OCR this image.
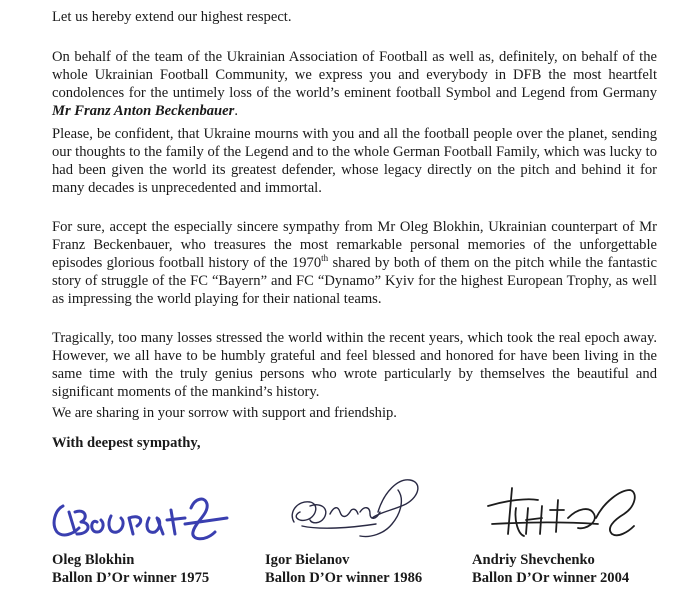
Let us hereby extend our highest respect.

On behalf of the team of the Ukrainian Association of Football as well as, definitely, on behalf of the whole Ukrainian Football Community, we express you and everybody in DFB the most heartfelt condolences for the untimely loss of the world’s eminent football Symbol and Legend from Germany Mr Franz Anton Beckenbauer.

Please, be confident, that Ukraine mourns with you and all the football people over the planet, sending our thoughts to the family of the Legend and to the whole German Football Family, which was lucky to had been given the world its greatest defender, whose legacy directly on the pitch and behind it for many decades is unprecedented and immortal.

For sure, accept the especially sincere sympathy from Mr Oleg Blokhin, Ukrainian counterpart of Mr Franz Beckenbauer, who treasures the most remarkable personal memories of the unforgettable episodes glorious football history of the 1970th shared by both of them on the pitch while the fantastic story of struggle of the FC “Bayern” and FC “Dynamo” Kyiv for the highest European Trophy, as well as impressing the world playing for their national teams.

Tragically, too many losses stressed the world within the recent years, which took the real epoch away. However, we all have to be humbly grateful and feel blessed and honored for have been living in the same time with the truly genius persons who wrote particularly by themselves the beautiful and significant moments of the mankind’s history.

We are sharing in your sorrow with support and friendship.

With deepest sympathy,

Oleg Blokhin
Ballon D’Or winner 1975
Igor Bielanov
Ballon D’Or winner 1986
Andriy Shevchenko
Ballon D’Or winner 2004
